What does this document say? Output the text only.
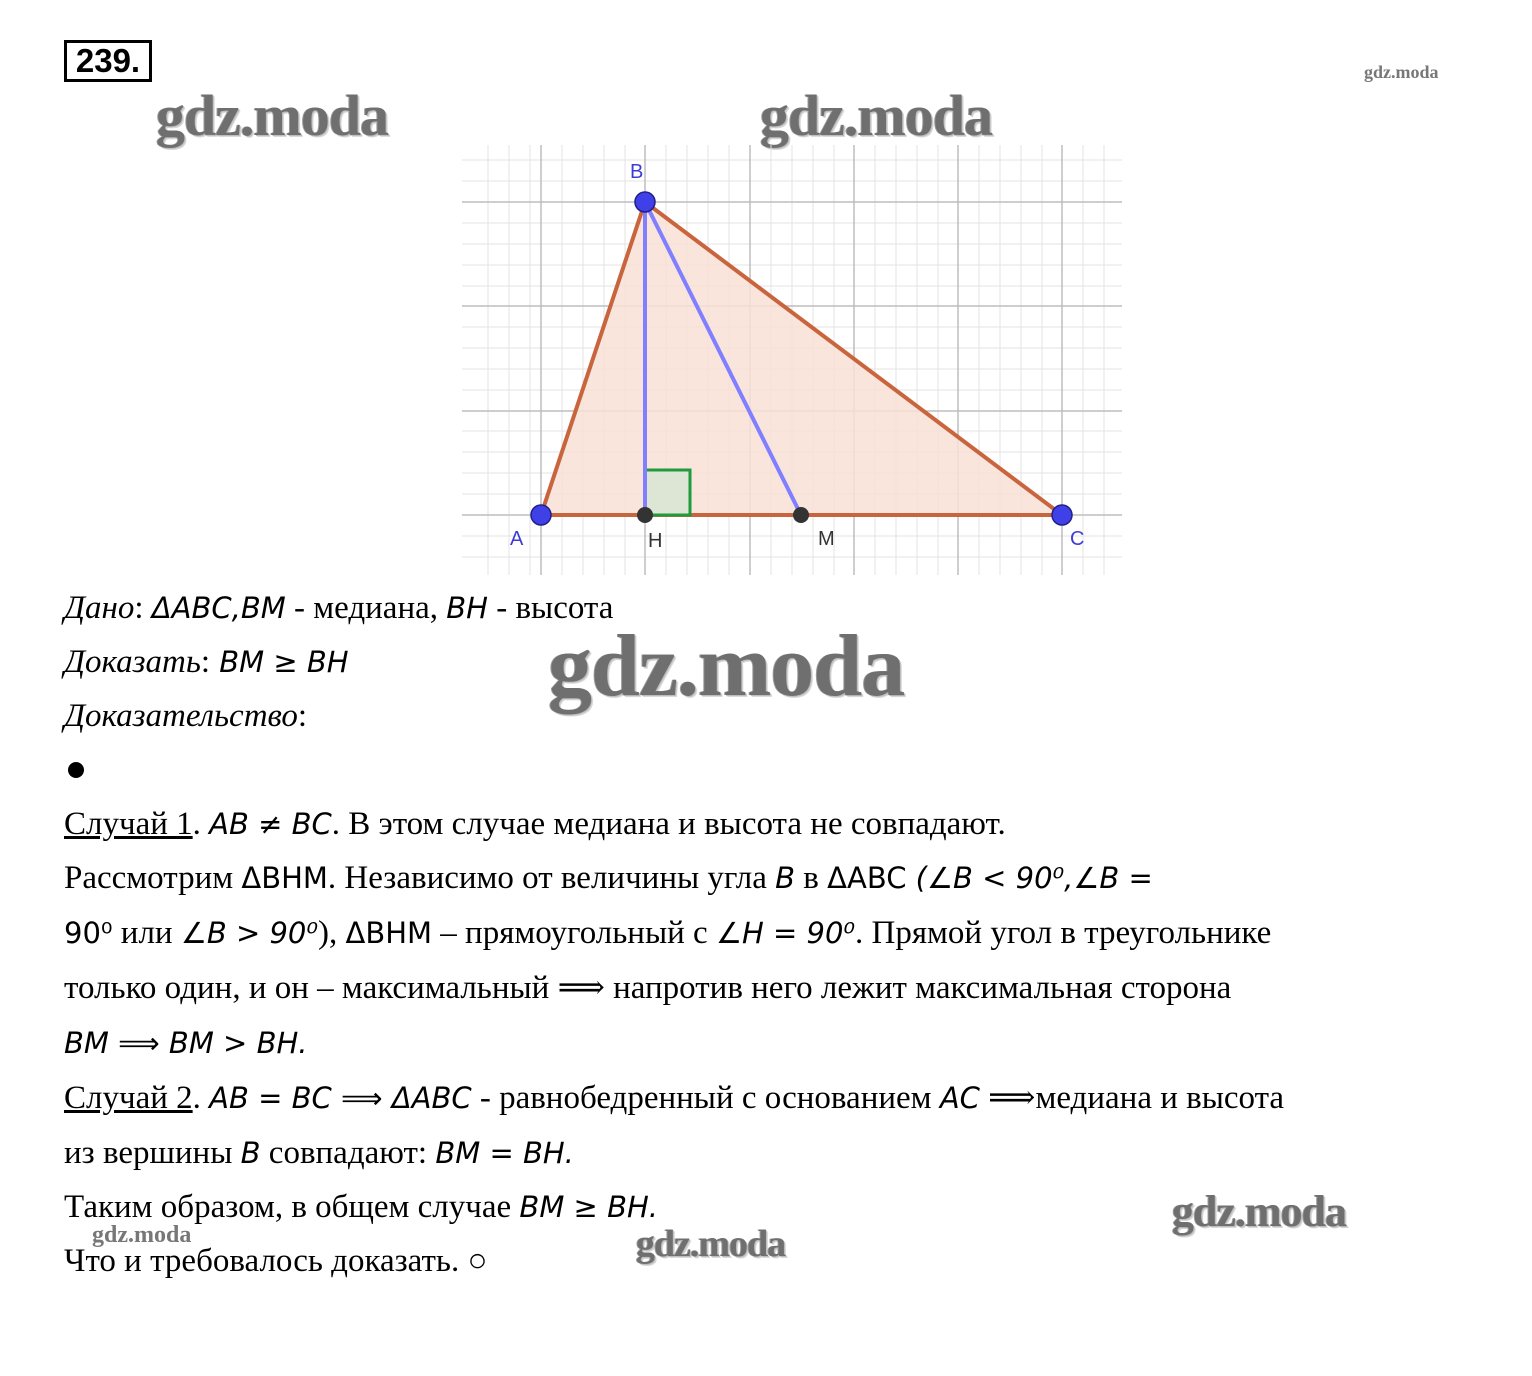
239.
gdz.moda	gdz.moda
gdz.moda
B
A	C
H	M
Дано: ΔABC,BM - медиана, BH - высота
Доказать: BM ≥ BH gdz.moda
Доказательство:
Случай 1. AB ≠ BC. В этом случае медиана и высота не совпадают.
Рассмотрим ΔBHM. Независимо от величины угла B в ΔABC (∠B < 90⁰,∠B =
90⁰ или ∠B > 90⁰), ΔBHM – прямоугольный с ∠H = 90⁰. Прямой угол в треугольнике
только один, и он – максимальный ⟹ напротив него лежит максимальная сторона
BM ⟹ BM > BH.
Случай 2. AB = BC ⟹ ΔABC - равнобедренный с основанием AC ⟹медиана и высота
из вершины B совпадают: BM = BH.
Таким образом, в общем случае BM ≥ BH.
Что и требовалось доказать. ○
gdz.moda
gdz.moda	gdz.moda
